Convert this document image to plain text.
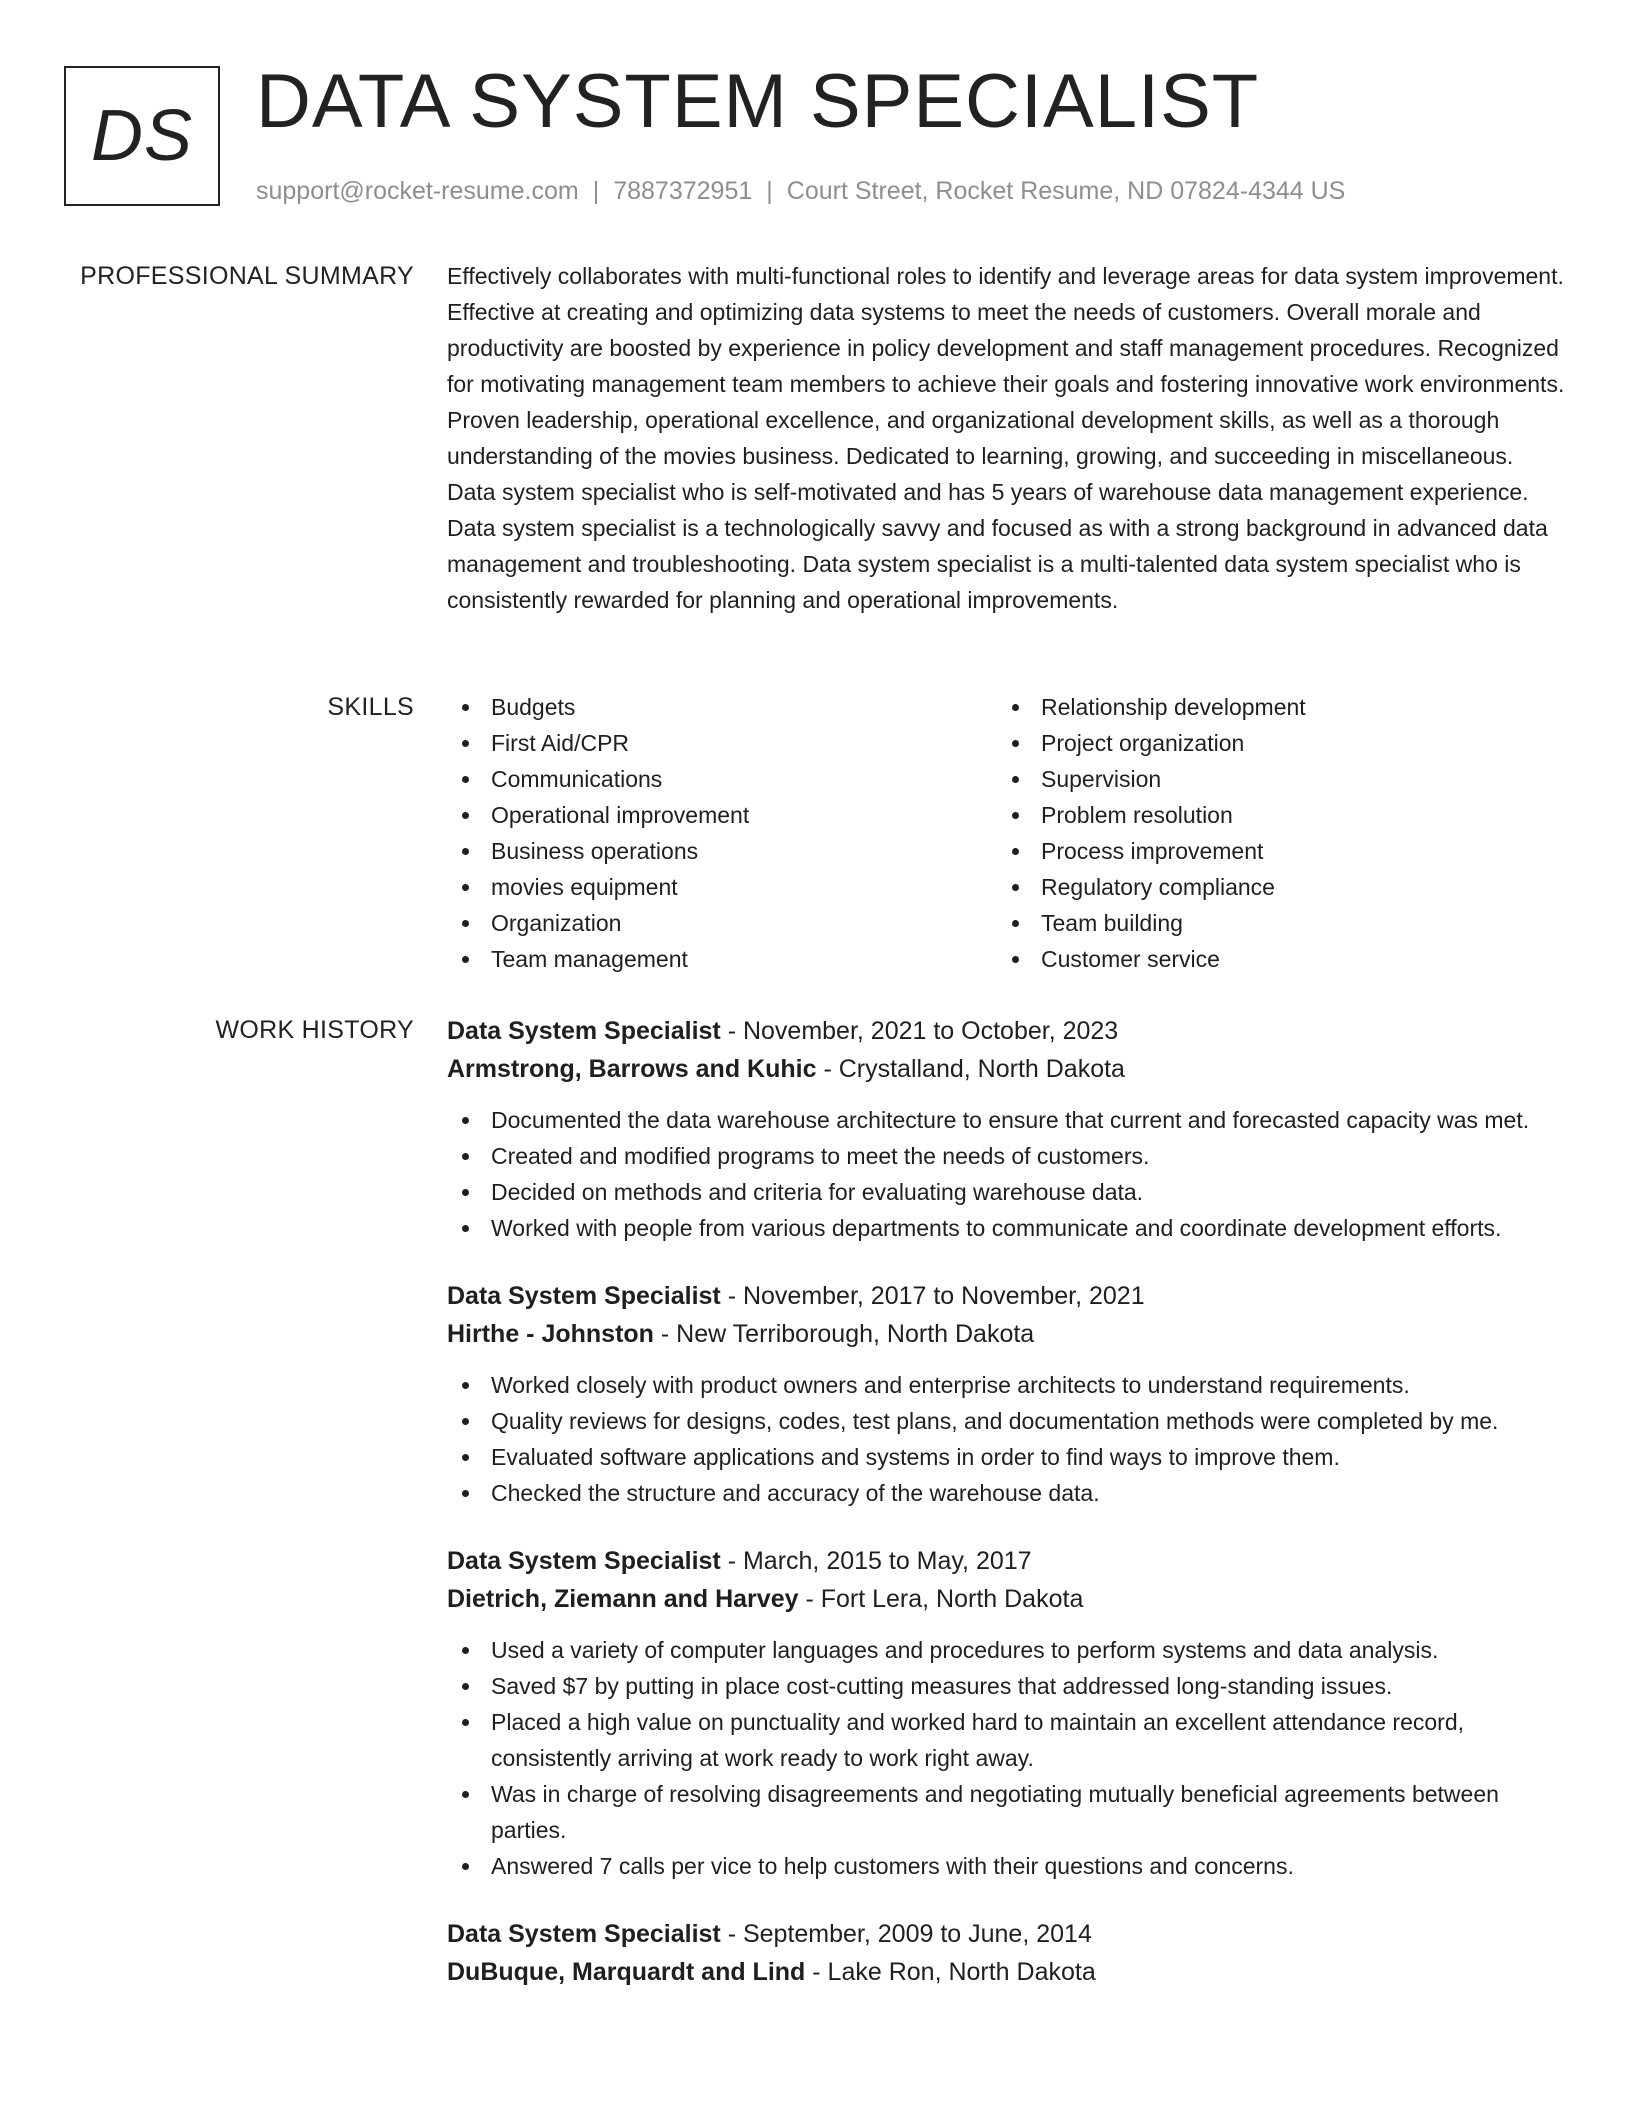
DS DATA SYSTEM SPECIALIST
support@rocket-resume.com | 7887372951 | Court Street, Rocket Resume, ND 07824-4344 US
PROFESSIONAL SUMMARY Effectively collaborates with multi-functional roles to identify and leverage areas for data system improvement. Effective at creating and optimizing data systems to meet the needs of customers. Overall morale and productivity are boosted by experience in policy development and staff management procedures. Recognized for motivating management team members to achieve their goals and fostering innovative work environments. Proven leadership, operational excellence, and organizational development skills, as well as a thorough understanding of the movies business. Dedicated to learning, growing, and succeeding in miscellaneous. Data system specialist who is self-motivated and has 5 years of warehouse data management experience. Data system specialist is a technologically savvy and focused as with a strong background in advanced data management and troubleshooting. Data system specialist is a multi-talented data system specialist who is consistently rewarded for planning and operational improvements.

SKILLS	Budgets
First Aid/CPR
Communications
Operational improvement
Business operations
movies equipment
Organization
Team management
Relationship development
Project organization
Supervision
Problem resolution
Process improvement
Regulatory compliance
Team building
Customer service
WORK HISTORY Data System Specialist - November, 2021 to October, 2023
Armstrong, Barrows and Kuhic - Crystalland, North Dakota
Documented the data warehouse architecture to ensure that current and forecasted capacity was met.
Created and modified programs to meet the needs of customers.
Decided on methods and criteria for evaluating warehouse data.
Worked with people from various departments to communicate and coordinate development efforts.
Data System Specialist - November, 2017 to November, 2021
Hirthe - Johnston - New Terriborough, North Dakota
Worked closely with product owners and enterprise architects to understand requirements.
Quality reviews for designs, codes, test plans, and documentation methods were completed by me.
Evaluated software applications and systems in order to find ways to improve them.
Checked the structure and accuracy of the warehouse data.
Data System Specialist - March, 2015 to May, 2017
Dietrich, Ziemann and Harvey - Fort Lera, North Dakota
Used a variety of computer languages and procedures to perform systems and data analysis.
Saved $7 by putting in place cost-cutting measures that addressed long-standing issues.
Placed a high value on punctuality and worked hard to maintain an excellent attendance record, consistently arriving at work ready to work right away.
Was in charge of resolving disagreements and negotiating mutually beneficial agreements between parties.
Answered 7 calls per vice to help customers with their questions and concerns.
Data System Specialist - September, 2009 to June, 2014
DuBuque, Marquardt and Lind - Lake Ron, North Dakota
